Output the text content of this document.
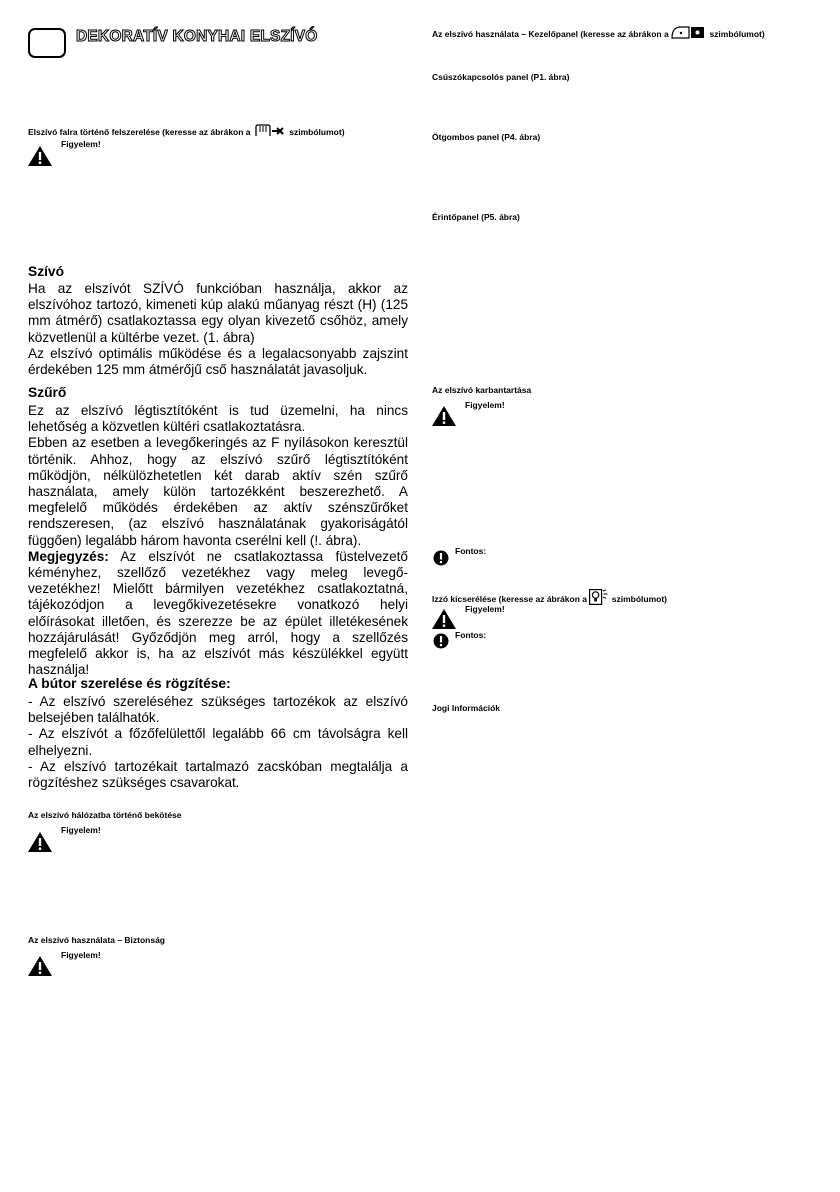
DEKORATÍV KONYHAI ELSZÍVÓ
Elszívó falra történő felszerelése (keresse az ábrákon a	szimbólumot)
Figyelem!
Szívó

Ha az elszívót SZÍVÓ funkcióban használja, akkor az elszívóhoz tartozó, kimeneti kúp alakú műanyag részt (H) (125 mm átmérő) csatlakoztassa egy olyan kivezető csőhöz, amely közvetlenül a kültérbe vezet. (1. ábra)

Az elszívó optimális működése és a legalacsonyabb zajszint érdekében 125 mm átmérőjű cső használatát javasoljuk.

Szűrő

Ez az elszívó légtisztítóként is tud üzemelni, ha nincs lehetőség a közvetlen kültéri csatlakoztatásra.

Ebben az esetben a levegőkeringés az F nyílásokon keresztül történik. Ahhoz, hogy az elszívó szűrő légtisztítóként működjön, nélkülözhetetlen két darab aktív szén szűrő használata, amely külön tartozékként beszerezhető. A megfelelő működés érdekében az aktív szénszűrőket rendszeresen, (az elszívó használatának gyakoriságától függően) legalább három havonta cserélni kell (!. ábra).

Megjegyzés: Az elszívót ne csatlakoztassa füstelvezető kéményhez, szellőző vezetékhez vagy meleg levegő-vezetékhez! Mielőtt bármilyen vezetékhez csatlakoztatná, tájékozódjon a levegőkivezetésekre vonatkozó helyi előírásokat illetően, és szerezze be az épület illetékesének hozzájárulását! Győződjön meg arról, hogy a szellőzés megfelelő akkor is, ha az elszívót más készülékkel együtt használja!

A bútor szerelése és rögzítése:

- Az elszívó szereléséhez szükséges tartozékok az elszívó belsejében találhatók.

- Az elszívót a főzőfelülettől legalább 66 cm távolságra kell elhelyezni.

- Az elszívó tartozékait tartalmazó zacskóban megtalálja a rögzítéshez szükséges csavarokat.

Az elszívó hálózatba történő bekötése
Figyelem!
Az elszívó használata – Biztonság
Figyelem!
Az elszívó használata – Kezelőpanel (keresse az ábrákon a	szimbólumot)
Csúszókapcsolós panel (P1. ábra)
Ötgombos panel (P4. ábra)
Érintőpanel (P5. ábra)
Az elszívó karbantartása
Figyelem!
Fontos:
Izzó kicserélése (keresse az ábrákon a	szimbólumot)
Figyelem!
Fontos:
Jogi Információk
